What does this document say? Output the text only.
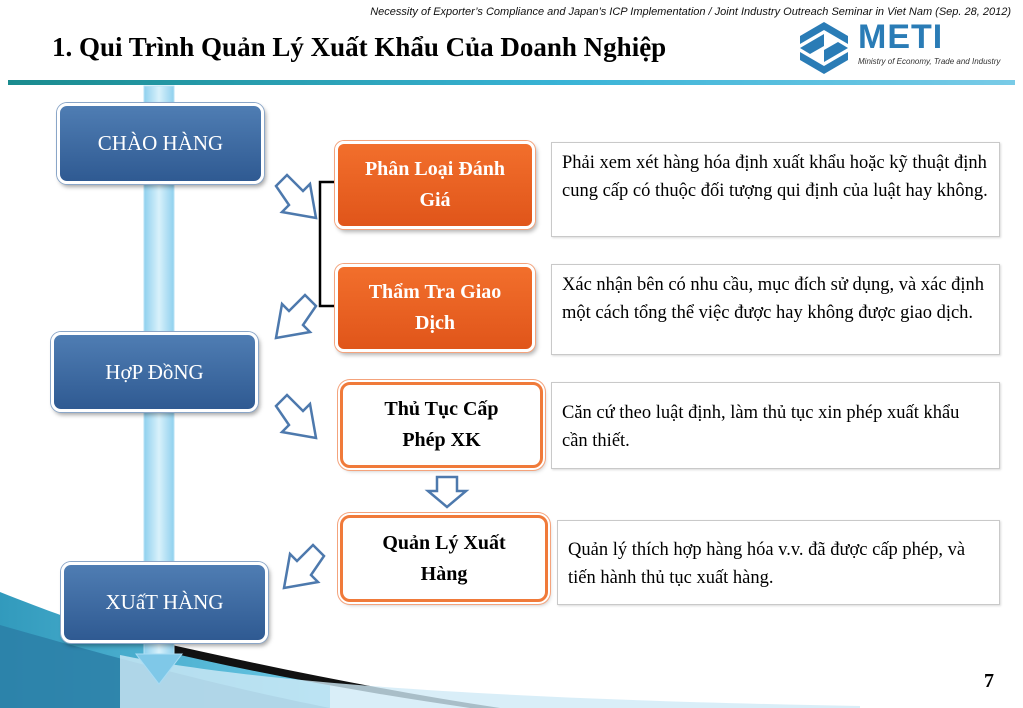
Necessity of Exporter’s Compliance and Japan’s ICP Implementation / Joint Industry Outreach Seminar in Viet Nam (Sep. 28, 2012)
1. Qui Trình Quản Lý Xuất Khẩu Của Doanh Nghiệp	METI
Ministry of Economy, Trade and Industry
CHÀO HÀNG
HợP ĐồNG
XUấT HÀNG
Phân Loại Đánh Giá
Thẩm Tra Giao Dịch
Thủ Tục Cấp Phép XK
Quản Lý Xuất Hàng
Phải xem xét hàng hóa định xuất khẩu hoặc kỹ thuật định cung cấp có thuộc đối tượng qui định của luật hay không.
Xác nhận bên có nhu cầu, mục đích sử dụng, và xác định một cách tổng thể việc được hay không được giao dịch.
Căn cứ theo luật định, làm thủ tục xin phép xuất khẩu cần thiết.
Quản lý thích hợp hàng hóa v.v. đã được cấp phép, và tiến hành thủ tục xuất hàng.
7
